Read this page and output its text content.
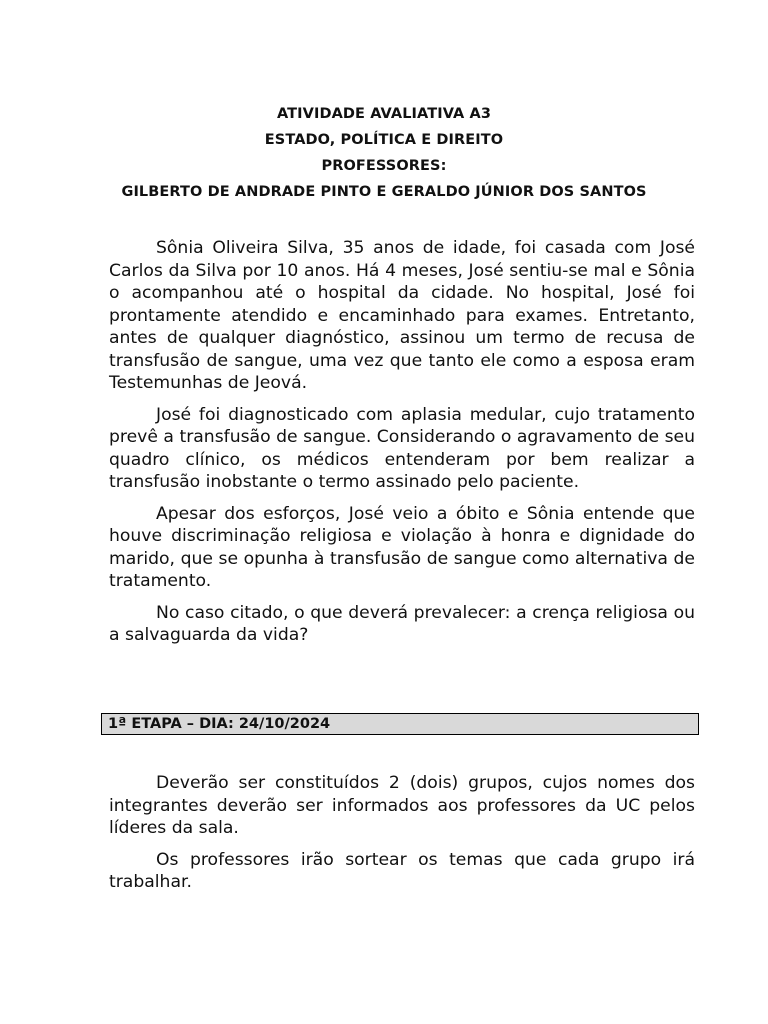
ATIVIDADE AVALIATIVA A3
ESTADO, POLÍTICA E DIREITO
PROFESSORES:
GILBERTO DE ANDRADE PINTO E GERALDO JÚNIOR DOS SANTOS

Sônia Oliveira Silva, 35 anos de idade, foi casada com José Carlos da Silva por 10 anos. Há 4 meses, José sentiu-se mal e Sônia o acompanhou até o hospital da cidade. No hospital, José foi prontamente atendido e encaminhado para exames. Entretanto, antes de qualquer diagnóstico, assinou um termo de recusa de transfusão de sangue, uma vez que tanto ele como a esposa eram Testemunhas de Jeová.

José foi diagnosticado com aplasia medular, cujo tratamento prevê a transfusão de sangue. Considerando o agravamento de seu quadro clínico, os médicos entenderam por bem realizar a transfusão inobstante o termo assinado pelo paciente.

Apesar dos esforços, José veio a óbito e Sônia entende que houve discriminação religiosa e violação à honra e dignidade do marido, que se opunha à transfusão de sangue como alternativa de tratamento.

No caso citado, o que deverá prevalecer: a crença religiosa ou a salvaguarda da vida?

1ª ETAPA – DIA: 24/10/2024

Deverão ser constituídos 2 (dois) grupos, cujos nomes dos integrantes deverão ser informados aos professores da UC pelos líderes da sala.

Os professores irão sortear os temas que cada grupo irá trabalhar.
